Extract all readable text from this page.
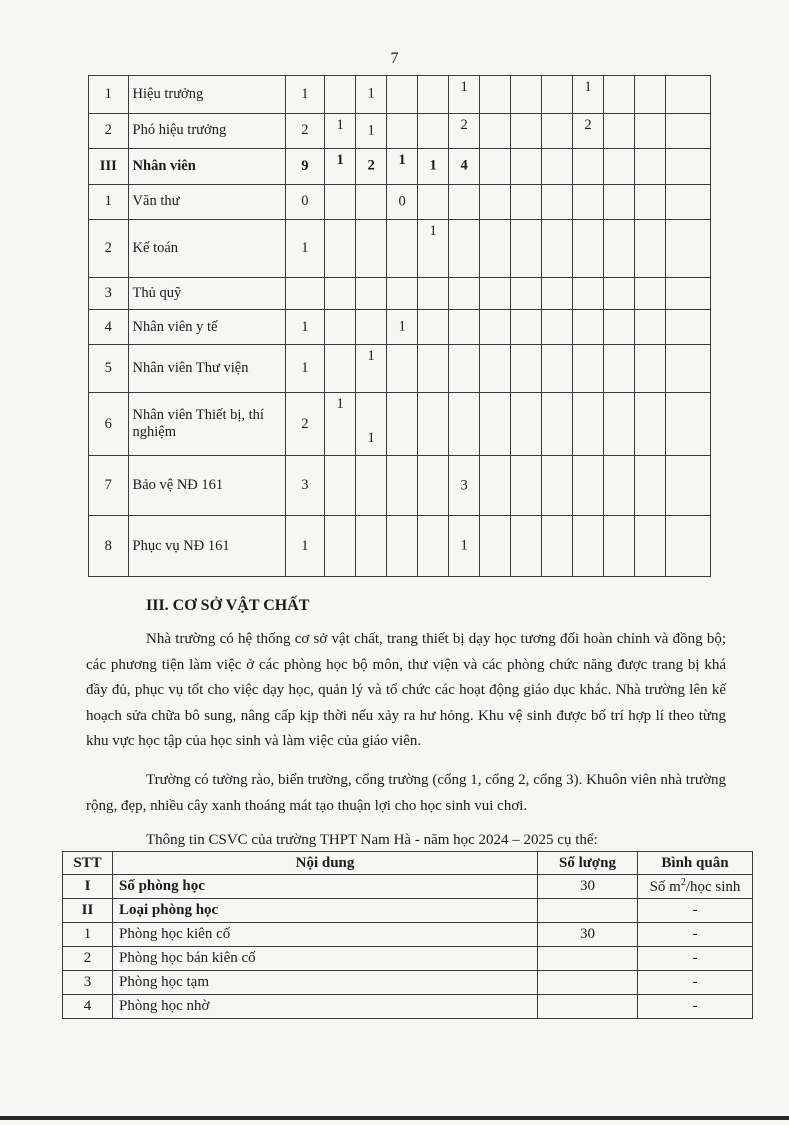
7
1	Hiệu trưởng	1		1			1				1			

2	Phó hiệu trưởng	2	1	1			2				2			

III	Nhân viên	9	1	2	1	1	4							

1	Văn thư	0			0									

2	Kế toán	1				1								

3	Thủ quỹ													
4	Nhân viên y tế	1			1									

5	Nhân viên Thư viện	1		1										

6	Nhân viên Thiết bị, thí nghiệm	2	1	1										

7	Bảo vệ NĐ 161	3					3							

8	Phục vụ NĐ 161	1					1							

III. CƠ SỞ VẬT CHẤT
Nhà trường có hệ thống cơ sở vật chất, trang thiết bị dạy học tương đối hoàn chỉnh và đồng bộ; các phương tiện làm việc ở các phòng học bộ môn, thư viện và các phòng chức năng được trang bị khá đầy đủ, phục vụ tốt cho việc dạy học, quản lý và tổ chức các hoạt động giáo dục khác. Nhà trường lên kế hoạch sửa chữa bô sung, nâng cấp kịp thời nếu xảy ra hư hỏng. Khu vệ sinh được bố trí hợp lí theo từng khu vực học tập của học sinh và làm việc của giáo viên.
Trường có tường rào, biển trường, cổng trường (cổng 1, cổng 2, cổng 3). Khuôn viên nhà trường rộng, đẹp, nhiều cây xanh thoáng mát tạo thuận lợi cho học sinh vui chơi.
Thông tin CSVC của trường THPT Nam Hà - năm học 2024 – 2025 cụ thể:
STT	Nội dung	Số lượng	Bình quân
I	Số phòng học	30	Số $m^2$/học sinh
II	Loại phòng học		-
1	Phòng học kiên cố	30	-
2	Phòng học bán kiên cố		-
3	Phòng học tạm		-
4	Phòng học nhờ		-
